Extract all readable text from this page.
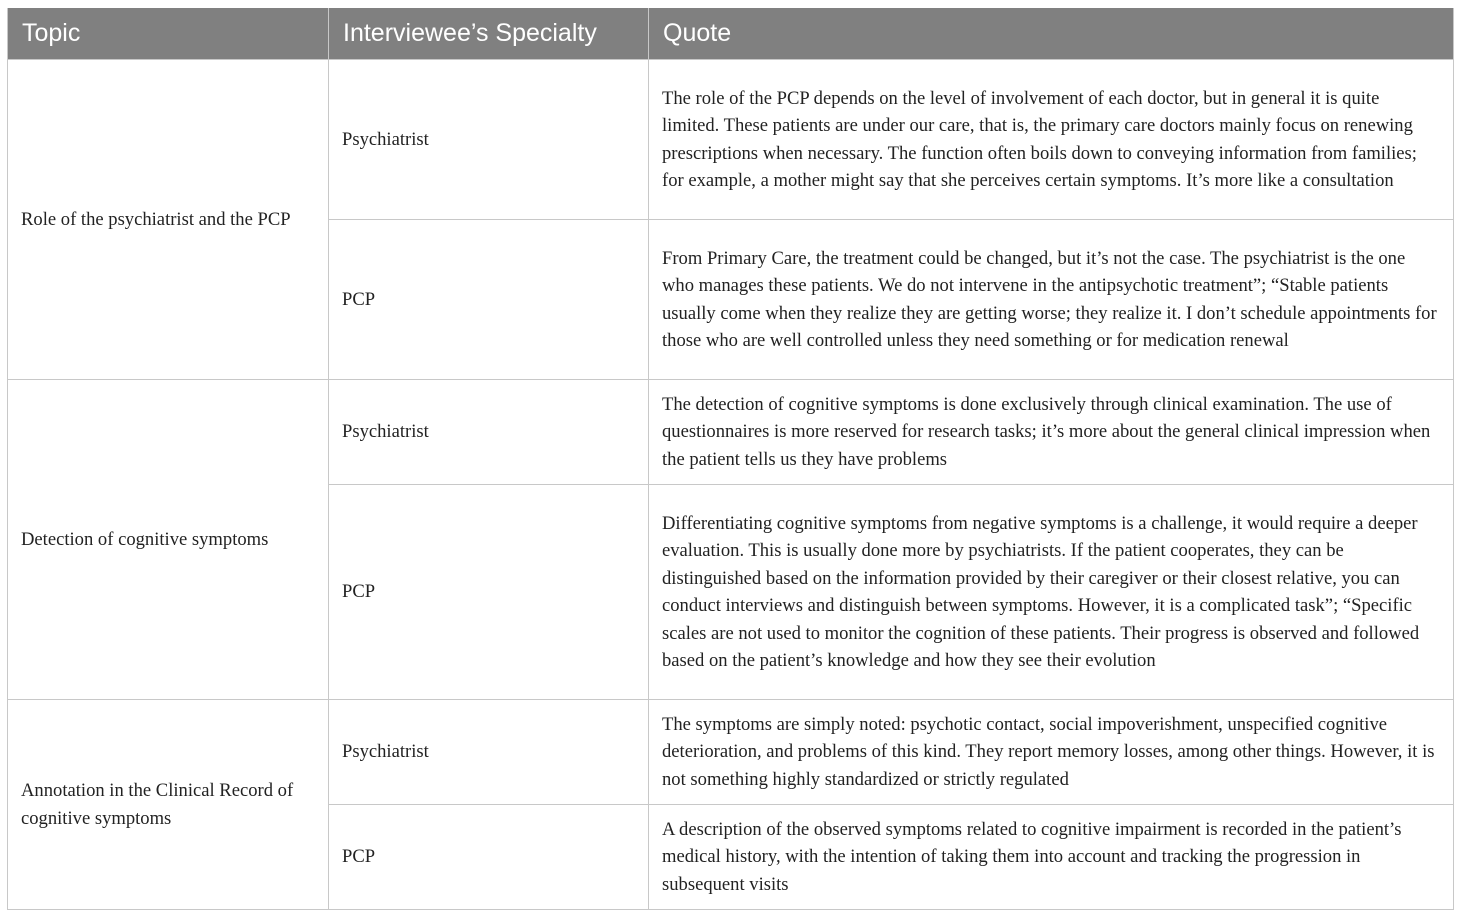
Topic	Interviewee’s Specialty	Quote
Role of the psychiatrist and the PCP	Psychiatrist	The role of the PCP depends on the level of involvement of each doctor, but in general it is quite limited. These patients are under our care, that is, the primary care doctors mainly focus on renewing prescriptions when necessary. The function often boils down to conveying information from families; for example, a mother might say that she perceives certain symptoms. It’s more like a consultation
	PCP	From Primary Care, the treatment could be changed, but it’s not the case. The psychiatrist is the one who manages these patients. We do not intervene in the antipsychotic treatment”; “Stable patients usually come when they realize they are getting worse; they realize it. I don’t schedule appointments for those who are well controlled unless they need something or for medication renewal
Detection of cognitive symptoms	Psychiatrist	The detection of cognitive symptoms is done exclusively through clinical examination. The use of questionnaires is more reserved for research tasks; it’s more about the general clinical impression when the patient tells us they have problems
	PCP	Differentiating cognitive symptoms from negative symptoms is a challenge, it would require a deeper evaluation. This is usually done more by psychiatrists. If the patient cooperates, they can be distinguished based on the information provided by their caregiver or their closest relative, you can conduct interviews and distinguish between symptoms. However, it is a complicated task”; “Specific scales are not used to monitor the cognition of these patients. Their progress is observed and followed based on the patient’s knowledge and how they see their evolution
Annotation in the Clinical Record of cognitive symptoms	Psychiatrist	The symptoms are simply noted: psychotic contact, social impoverishment, unspecified cognitive deterioration, and problems of this kind. They report memory losses, among other things. However, it is not something highly standardized or strictly regulated
	PCP	A description of the observed symptoms related to cognitive impairment is recorded in the patient’s medical history, with the intention of taking them into account and tracking the progression in subsequent visits
